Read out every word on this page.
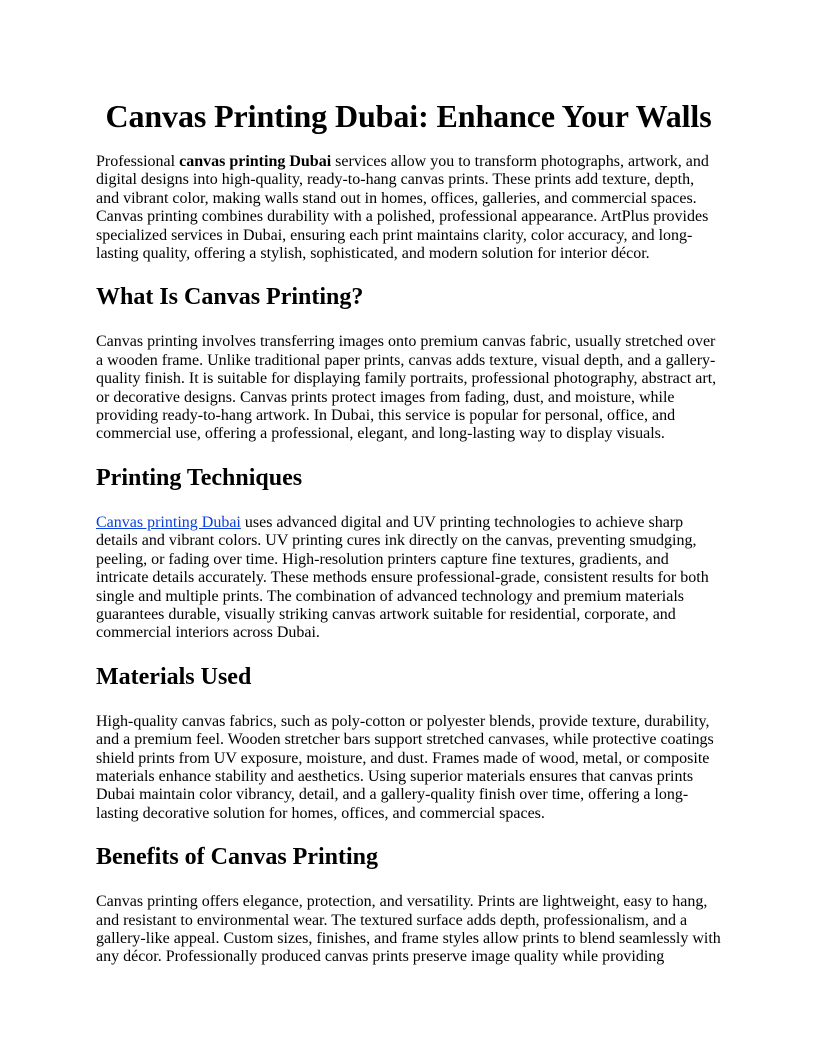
Canvas Printing Dubai: Enhance Your Walls

Professional canvas printing Dubai services allow you to transform photographs, artwork, and digital designs into high-quality, ready-to-hang canvas prints. These prints add texture, depth, and vibrant color, making walls stand out in homes, offices, galleries, and commercial spaces. Canvas printing combines durability with a polished, professional appearance. ArtPlus provides specialized services in Dubai, ensuring each print maintains clarity, color accuracy, and long-lasting quality, offering a stylish, sophisticated, and modern solution for interior décor.

What Is Canvas Printing?

Canvas printing involves transferring images onto premium canvas fabric, usually stretched over a wooden frame. Unlike traditional paper prints, canvas adds texture, visual depth, and a gallery-quality finish. It is suitable for displaying family portraits, professional photography, abstract art, or decorative designs. Canvas prints protect images from fading, dust, and moisture, while providing ready-to-hang artwork. In Dubai, this service is popular for personal, office, and commercial use, offering a professional, elegant, and long-lasting way to display visuals.

Printing Techniques

Canvas printing Dubai uses advanced digital and UV printing technologies to achieve sharp details and vibrant colors. UV printing cures ink directly on the canvas, preventing smudging, peeling, or fading over time. High-resolution printers capture fine textures, gradients, and intricate details accurately. These methods ensure professional-grade, consistent results for both single and multiple prints. The combination of advanced technology and premium materials guarantees durable, visually striking canvas artwork suitable for residential, corporate, and commercial interiors across Dubai.

Materials Used

High-quality canvas fabrics, such as poly-cotton or polyester blends, provide texture, durability, and a premium feel. Wooden stretcher bars support stretched canvases, while protective coatings shield prints from UV exposure, moisture, and dust. Frames made of wood, metal, or composite materials enhance stability and aesthetics. Using superior materials ensures that canvas prints Dubai maintain color vibrancy, detail, and a gallery-quality finish over time, offering a long-lasting decorative solution for homes, offices, and commercial spaces.

Benefits of Canvas Printing

Canvas printing offers elegance, protection, and versatility. Prints are lightweight, easy to hang, and resistant to environmental wear. The textured surface adds depth, professionalism, and a gallery-like appeal. Custom sizes, finishes, and frame styles allow prints to blend seamlessly with any décor. Professionally produced canvas prints preserve image quality while providing
